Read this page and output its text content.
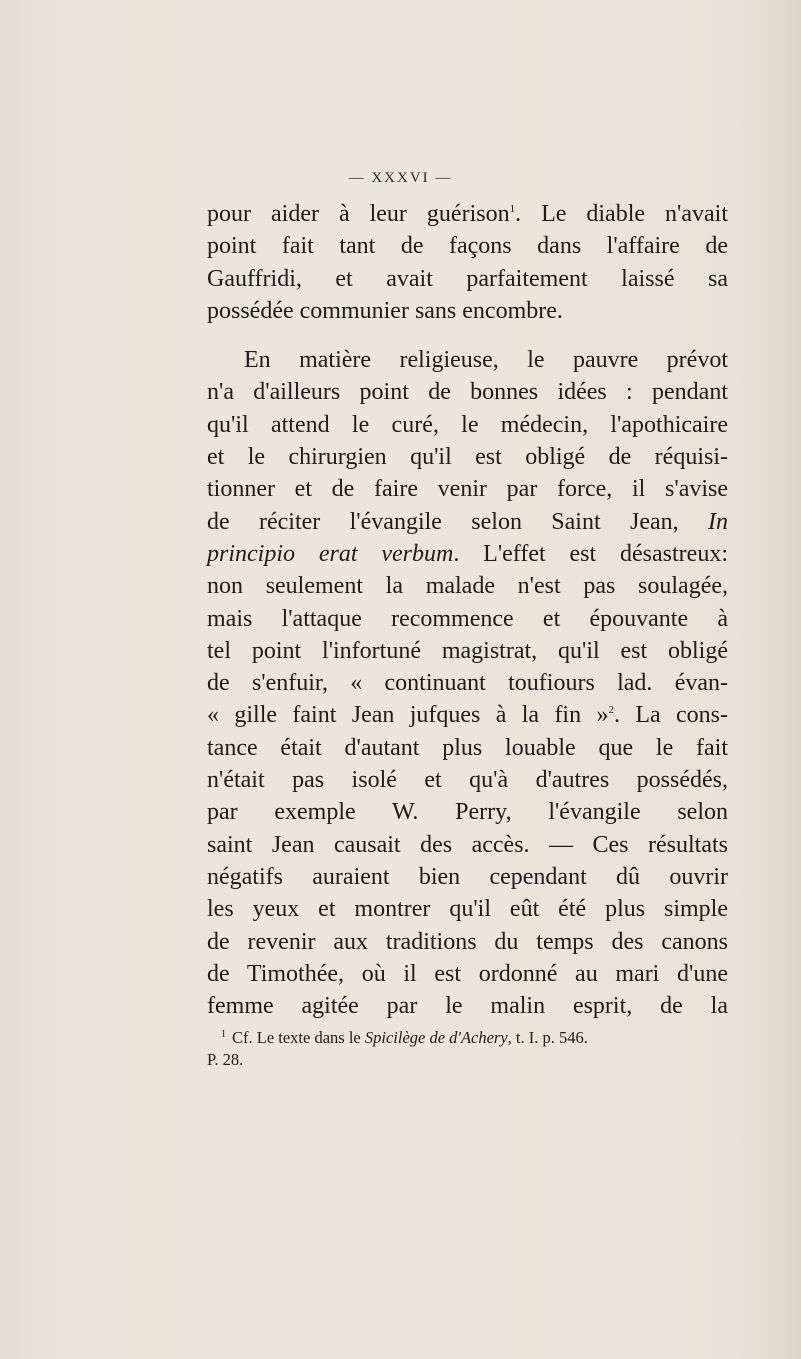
— XXXVI —
pour aider à leur guérison$^1$. Le diable n'avait
point fait tant de façons dans l'affaire de
Gauffridi, et avait parfaitement laissé sa
possédée communier sans encombre.
En matière religieuse, le pauvre prévot
n'a d'ailleurs point de bonnes idées : pendant
qu'il attend le curé, le médecin, l'apothicaire
et le chirurgien qu'il est obligé de réquisi-
tionner et de faire venir par force, il s'avise
de réciter l'évangile selon Saint Jean, In
principio erat verbum. L'effet est désastreux:
non seulement la malade n'est pas soulagée,
mais l'attaque recommence et épouvante à
tel point l'infortuné magistrat, qu'il est obligé
de s'enfuir, « continuant toufiours lad. évan-
« gille faint Jean jufques à la fin »$^2$. La cons-
tance était d'autant plus louable que le fait
n'était pas isolé et qu'à d'autres possédés,
par exemple W. Perry, l'évangile selon
saint Jean causait des accès. — Ces résultats
négatifs auraient bien cependant dû ouvrir
les yeux et montrer qu'il eût été plus simple
de revenir aux traditions du temps des canons
de Timothée, où il est ordonné au mari d'une
femme agitée par le malin esprit, de la
$^1$ Cf. Le texte dans le Spicilège de d'Achery, t. I. p. 546.
P. 28.
